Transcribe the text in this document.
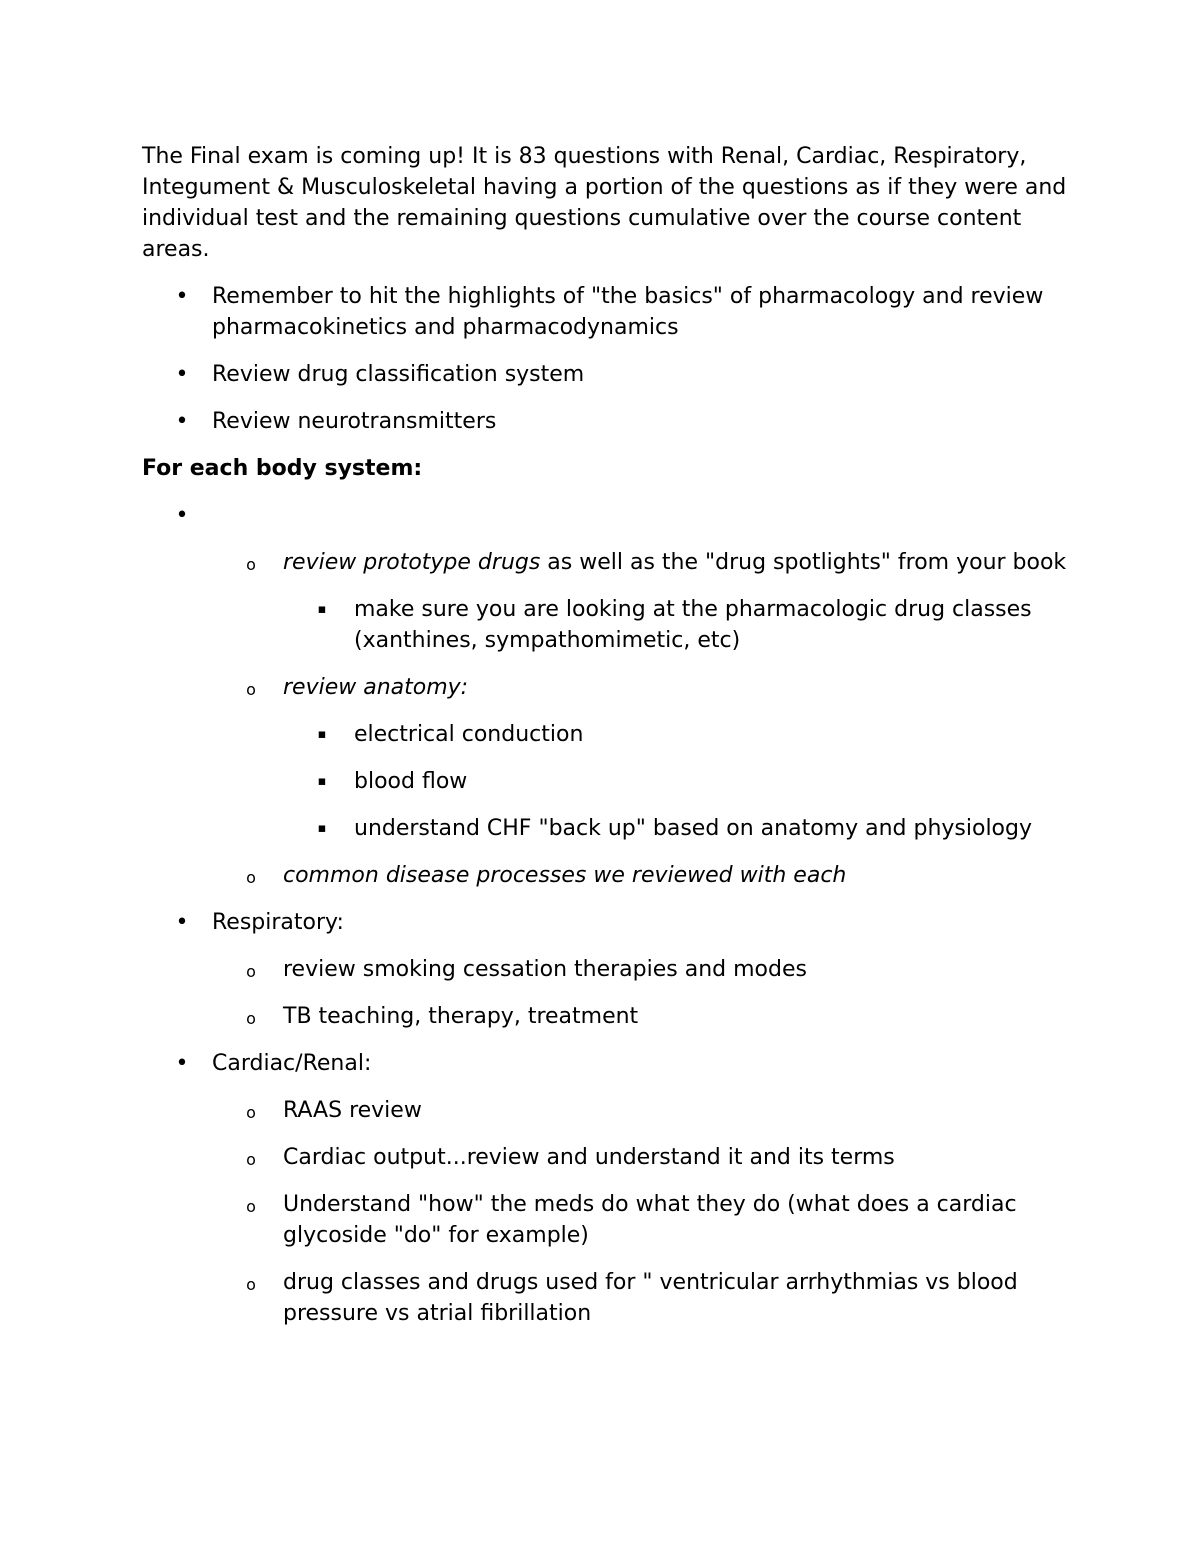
The Final exam is coming up! It is 83 questions with Renal, Cardiac, Respiratory, Integument & Musculoskeletal having a portion of the questions as if they were and individual test and the remaining questions cumulative over the course content areas.

• Remember to hit the highlights of "the basics" of pharmacology and review pharmacokinetics and pharmacodynamics
• Review drug classification system
• Review neurotransmitters

For each body system:

•
o review prototype drugs as well as the "drug spotlights" from your book
▪ make sure you are looking at the pharmacologic drug classes (xanthines, sympathomimetic, etc)
o review anatomy:
▪ electrical conduction
▪ blood flow
▪ understand CHF "back up" based on anatomy and physiology
o common disease processes we reviewed with each
• Respiratory:
o review smoking cessation therapies and modes
o TB teaching, therapy, treatment
• Cardiac/Renal:
o RAAS review
o Cardiac output...review and understand it and its terms
o Understand "how" the meds do what they do (what does a cardiac glycoside "do" for example)
o drug classes and drugs used for " ventricular arrhythmias vs blood pressure vs atrial fibrillation
